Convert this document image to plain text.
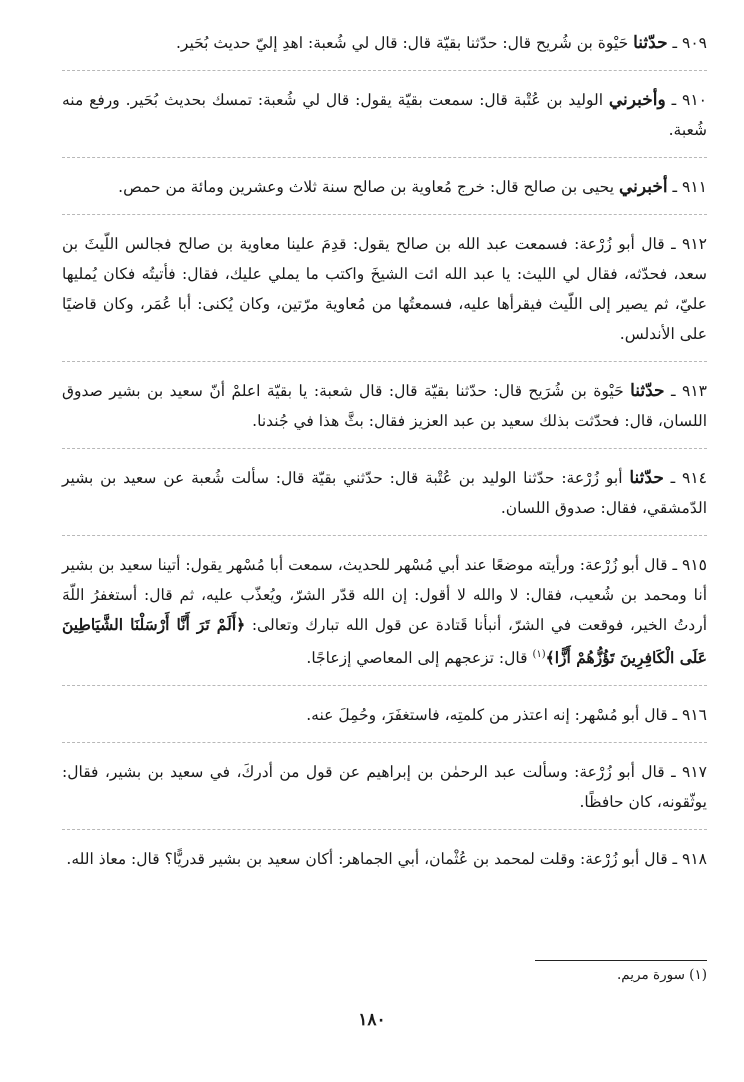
٩٠٩ ـ حدّثنا حَيْوة بن شُريح قال: حدّثنا بقيّة قال: قال لي شُعبة: اهدِ إليّ حديث بُحَير.

٩١٠ ـ وأخبرني الوليد بن عُتْبة قال: سمعت بقيّة يقول: قال لي شُعبة: تمسك بحديث بُحَير. ورفع منه شُعبة.

٩١١ ـ أخبرني يحيى بن صالح قال: خرج مُعاوية بن صالح سنة ثلاث وعشرين ومائة من حمص.

٩١٢ ـ قال أبو زُرْعة: فسمعت عبد الله بن صالح يقول: قدِمَ علينا معاوية بن صالح فجالس اللّيثَ بن سعد، فحدّثه، فقال لي الليث: يا عبد الله ائت الشيخَ واكتب ما يملي عليك، فقال: فأتيتُه فكان يُمليها عليّ، ثم يصير إلى اللّيث فيقرأها عليه، فسمعتُها من مُعاوية مرّتين، وكان يُكنى: أبا عُمَر، وكان قاضيًا على الأندلس.

٩١٣ ـ حدّثنا حَيْوة بن شُرَيح قال: حدّثنا بقيّة قال: قال شعبة: يا بقيّة اعلمْ أنّ سعيد بن بشير صدوق اللسان، قال: فحدّثت بذلك سعيد بن عبد العزيز فقال: بثَّ هذا في جُندنا.

٩١٤ ـ حدّثنا أبو زُرْعة: حدّثنا الوليد بن عُتْبة قال: حدّثني بقيّة قال: سألت شُعبة عن سعيد بن بشير الدّمشقي، فقال: صدوق اللسان.

٩١٥ ـ قال أبو زُرْعة: ورأيته موضعًا عند أبي مُسْهر للحديث، سمعت أبا مُسْهر يقول: أتينا سعيد بن بشير أنا ومحمد بن شُعيب، فقال: لا والله لا أقول: إن الله قدّر الشرّ، ويُعذّب عليه، ثم قال: أستغفرُ اللّهَ أردتُ الخير، فوقعت في الشرّ، أنبأنا قَتادة عن قول الله تبارك وتعالى: ﴿أَلَمْ تَرَ أَنَّا أَرْسَلْنَا الشَّيَاطِينَ عَلَى الْكَافِرِينَ تَؤُزُّهُمْ أَزًّا﴾$^{(١)}$ قال: تزعجهم إلى المعاصي إزعاجًا.

٩١٦ ـ قال أبو مُسْهر: إنه اعتذر من كلمتِه، فاستغفَرَ، وحُمِلَ عنه.

٩١٧ ـ قال أبو زُرْعة: وسألت عبد الرحمٰن بن إبراهيم عن قول من أدركَ، في سعيد بن بشير، فقال: يوثّقونه، كان حافظًا.

٩١٨ ـ قال أبو زُرْعة: وقلت لمحمد بن عُثْمان، أبي الجماهر: أكان سعيد بن بشير قدريًّا؟ قال: معاذ الله.

(١) سورة مريم.
١٨٠
